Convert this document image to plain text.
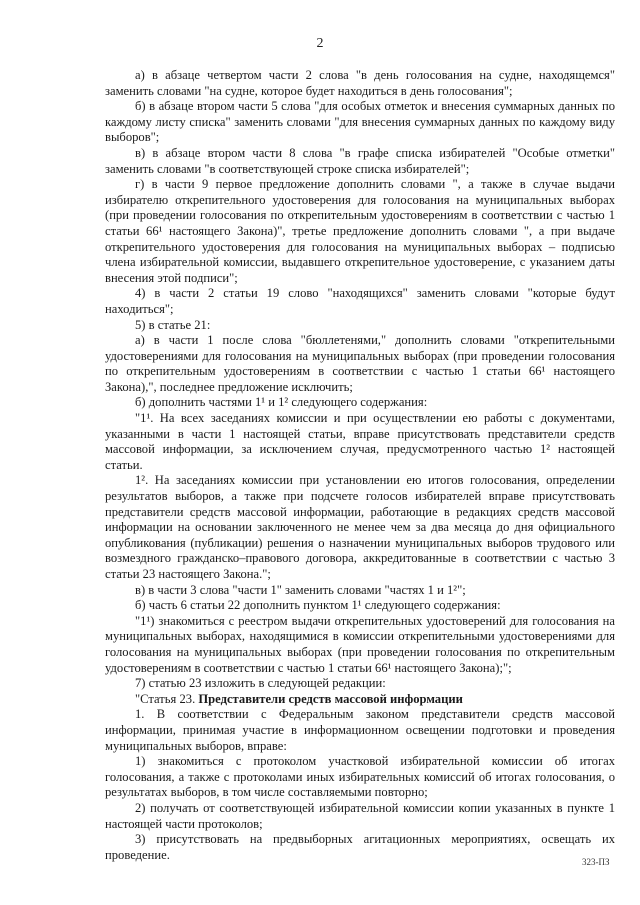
2

а) в абзаце четвертом части 2 слова "в день голосования на судне, находящемся" заменить словами "на судне, которое будет находиться в день голосования";

б) в абзаце втором части 5 слова "для особых отметок и внесения суммарных данных по каждому листу списка" заменить словами "для внесения суммарных данных по каждому виду выборов";

в) в абзаце втором части 8 слова "в графе списка избирателей "Особые отметки" заменить словами "в соответствующей строке списка избирателей";

г) в части 9 первое предложение дополнить словами ", а также в случае выдачи избирателю открепительного удостоверения для голосования на муниципальных выборах (при проведении голосования по открепительным удостоверениям в соответствии с частью 1 статьи 66¹ настоящего Закона)", третье предложение дополнить словами ", а при выдаче открепительного удостоверения для голосования на муниципальных выборах – подписью члена избирательной комиссии, выдавшего открепительное удостоверение, с указанием даты внесения этой подписи";

4) в части 2 статьи 19 слово "находящихся" заменить словами "которые будут находиться";

5) в статье 21:

а) в части 1 после слова "бюллетенями," дополнить словами "открепительными удостоверениями для голосования на муниципальных выборах (при проведении голосования по открепительным удостоверениям в соответствии с частью 1 статьи 66¹ настоящего Закона),", последнее предложение исключить;

б) дополнить частями 1¹ и 1² следующего содержания:

"1¹. На всех заседаниях комиссии и при осуществлении ею работы с документами, указанными в части 1 настоящей статьи, вправе присутствовать представители средств массовой информации, за исключением случая, предусмотренного частью 1² настоящей статьи.

1². На заседаниях комиссии при установлении ею итогов голосования, определении результатов выборов, а также при подсчете голосов избирателей вправе присутствовать представители средств массовой информации, работающие в редакциях средств массовой информации на основании заключенного не менее чем за два месяца до дня официального опубликования (публикации) решения о назначении муниципальных выборов трудового или возмездного гражданско–правового договора, аккредитованные в соответствии с частью 3 статьи 23 настоящего Закона.";

в) в части 3 слова "части 1" заменить словами "частях 1 и 1²";

б) часть 6 статьи 22 дополнить пунктом 1¹ следующего содержания:

"1¹) знакомиться с реестром выдачи открепительных удостоверений для голосования на муниципальных выборах, находящимися в комиссии открепительными удостоверениями для голосования на муниципальных выборах (при проведении голосования по открепительным удостоверениям в соответствии с частью 1 статьи 66¹ настоящего Закона);";

7) статью 23 изложить в следующей редакции:

"Статья 23. Представители средств массовой информации

1. В соответствии с Федеральным законом представители средств массовой информации, принимая участие в информационном освещении подготовки и проведения муниципальных выборов, вправе:

1) знакомиться с протоколом участковой избирательной комиссии об итогах голосования, а также с протоколами иных избирательных комиссий об итогах голосования, о результатах выборов, в том числе составляемыми повторно;

2) получать от соответствующей избирательной комиссии копии указанных в пункте 1 настоящей части протоколов;

3) присутствовать на предвыборных агитационных мероприятиях, освещать их проведение.

323-ПЗ
